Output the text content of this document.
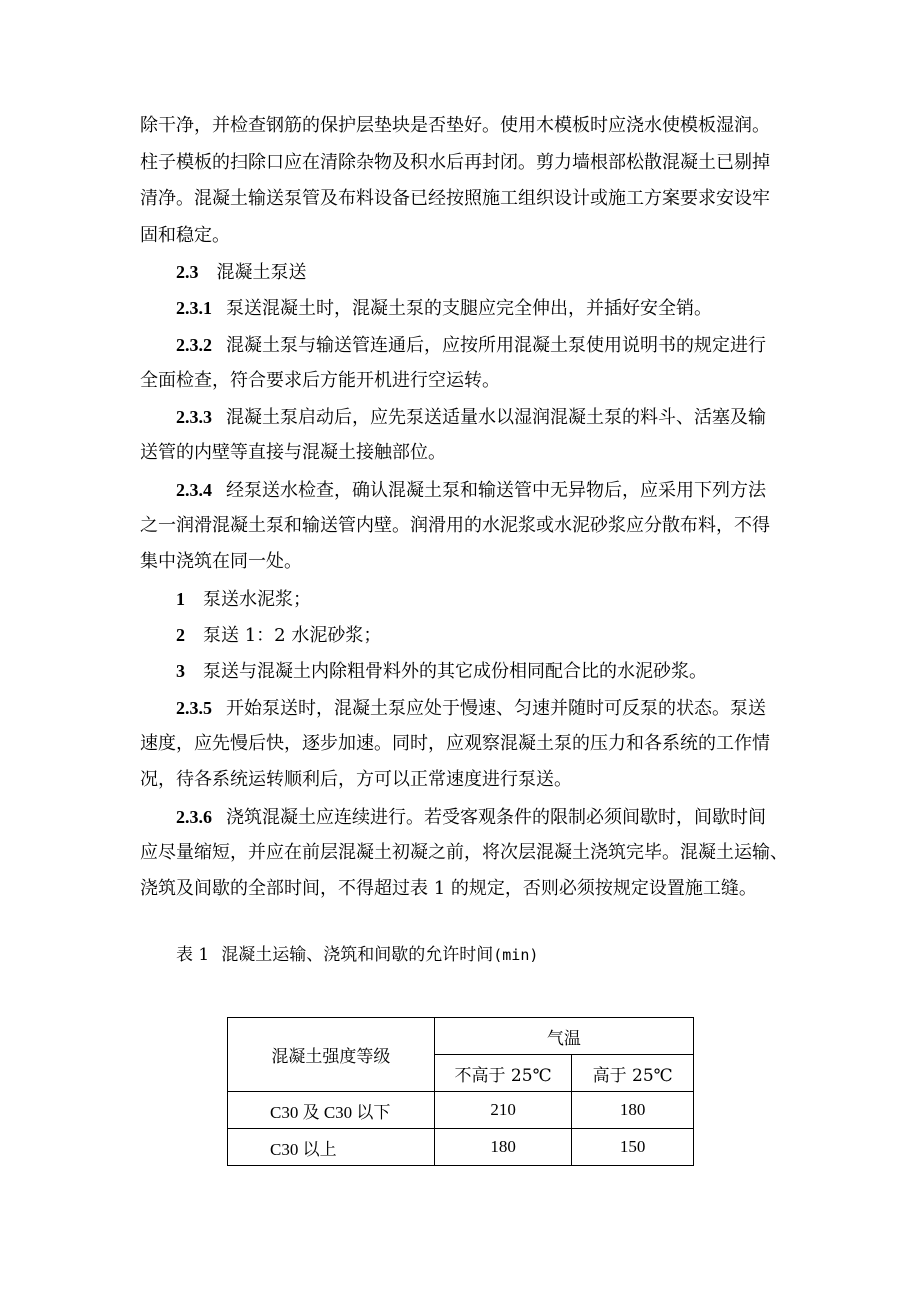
除干净，并检查钢筋的保护层垫块是否垫好。使用木模板时应浇水使模板湿润。
柱子模板的扫除口应在清除杂物及积水后再封闭。剪力墙根部松散混凝土已剔掉
清净。混凝土输送泵管及布料设备已经按照施工组织设计或施工方案要求安设牢
固和稳定。
2.3 混凝土泵送
2.3.1 泵送混凝土时，混凝土泵的支腿应完全伸出，并插好安全销。
2.3.2 混凝土泵与输送管连通后，应按所用混凝土泵使用说明书的规定进行
全面检查，符合要求后方能开机进行空运转。
2.3.3 混凝土泵启动后，应先泵送适量水以湿润混凝土泵的料斗、活塞及输
送管的内壁等直接与混凝土接触部位。
2.3.4 经泵送水检查，确认混凝土泵和输送管中无异物后，应采用下列方法
之一润滑混凝土泵和输送管内壁。润滑用的水泥浆或水泥砂浆应分散布料，不得
集中浇筑在同一处。
1 泵送水泥浆；
2 泵送 1：2 水泥砂浆；
3 泵送与混凝土内除粗骨料外的其它成份相同配合比的水泥砂浆。
2.3.5 开始泵送时，混凝土泵应处于慢速、匀速并随时可反泵的状态。泵送
速度，应先慢后快，逐步加速。同时，应观察混凝土泵的压力和各系统的工作情
况，待各系统运转顺利后，方可以正常速度进行泵送。
2.3.6 浇筑混凝土应连续进行。若受客观条件的限制必须间歇时，间歇时间
应尽量缩短，并应在前层混凝土初凝之前，将次层混凝土浇筑完毕。混凝土运输、
浇筑及间歇的全部时间，不得超过表 1 的规定，否则必须按规定设置施工缝。
表 1 混凝土运输、浇筑和间歇的允许时间(min)
混凝土强度等级	气温	
	不高于 25℃	高于 25℃
C30 及 C30 以下	210	180
C30 以上	180	150
